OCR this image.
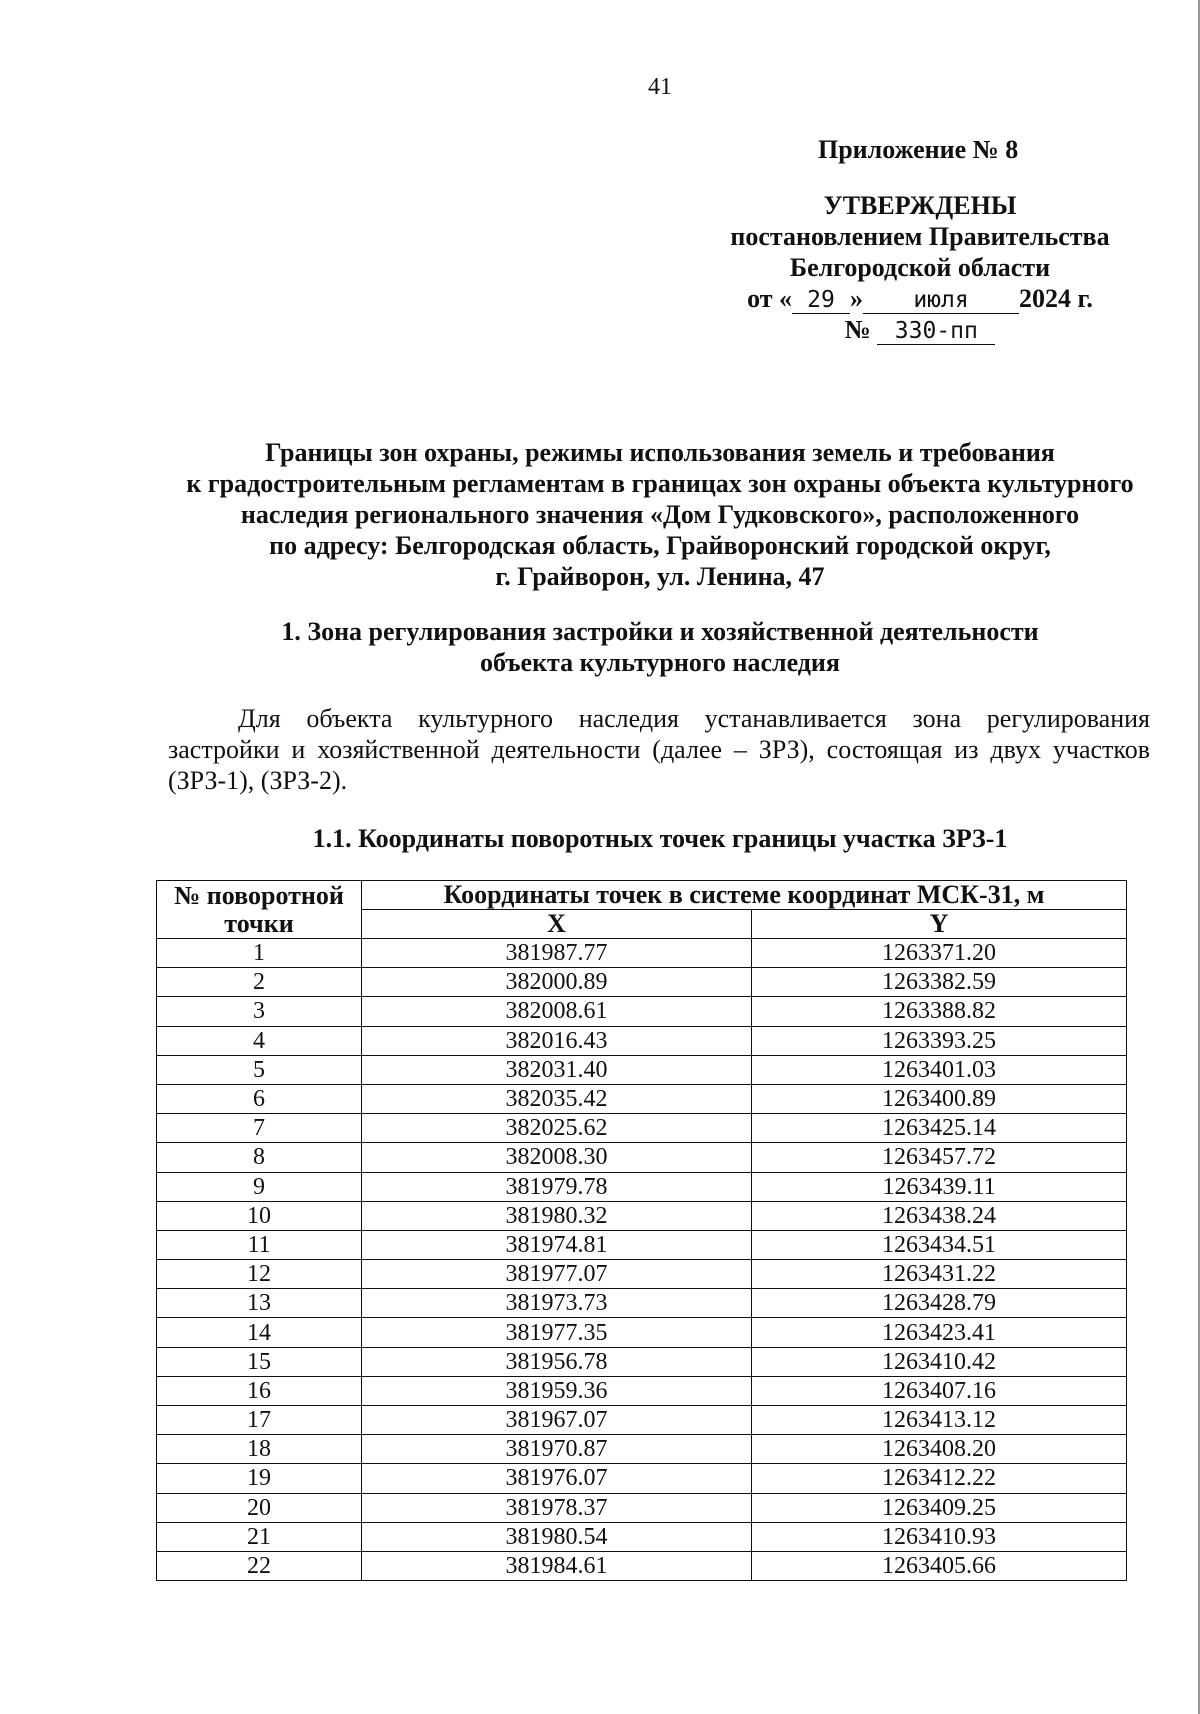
41
Приложение № 8
УТВЕРЖДЕНЫ
постановлением Правительства
Белгородской области
от « 29 » июля 2024 г.
№ 330-пп
Границы зон охраны, режимы использования земель и требования
к градостроительным регламентам в границах зон охраны объекта культурного
наследия регионального значения «Дом Гудковского», расположенного
по адресу: Белгородская область, Грайворонский городской округ,
г. Грайворон, ул. Ленина, 47
1. Зона регулирования застройки и хозяйственной деятельности
объекта культурного наследия
Для объекта культурного наследия устанавливается зона регулирования застройки и хозяйственной деятельности (далее – ЗРЗ), состоящая из двух участков (ЗРЗ-1), (ЗРЗ-2).
1.1. Координаты поворотных точек границы участка ЗРЗ-1
№ поворотной точки	Координаты точек в системе координат МСК-31, м	
	X	Y
1	381987.77	1263371.20
2	382000.89	1263382.59
3	382008.61	1263388.82
4	382016.43	1263393.25
5	382031.40	1263401.03
6	382035.42	1263400.89
7	382025.62	1263425.14
8	382008.30	1263457.72
9	381979.78	1263439.11
10	381980.32	1263438.24
11	381974.81	1263434.51
12	381977.07	1263431.22
13	381973.73	1263428.79
14	381977.35	1263423.41
15	381956.78	1263410.42
16	381959.36	1263407.16
17	381967.07	1263413.12
18	381970.87	1263408.20
19	381976.07	1263412.22
20	381978.37	1263409.25
21	381980.54	1263410.93
22	381984.61	1263405.66
